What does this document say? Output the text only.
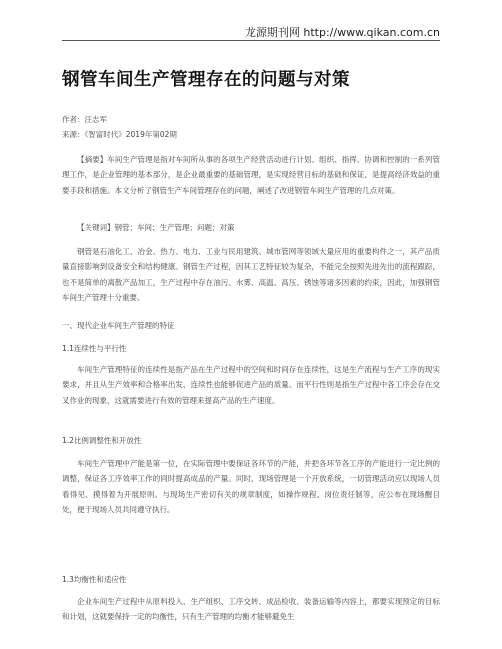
龙源期刊网 http://www.qikan.com.cn
钢管车间生产管理存在的问题与对策
作者：汪志军
来源：《智富时代》2019年第02期

【摘要】车间生产管理是指对车间所从事的各项生产经营活动进行计划、组织、指挥、协调和控制的一系列管理工作，是企业管理的基本部分，是企业最重要的基础管理，是实现经营目标的基础和保证，是提高经济效益的重要手段和措施。本文分析了钢管生产车间管理存在的问题，阐述了改进钢管车间生产管理的几点对策。

【关键词】钢管；车间；生产管理；问题；对策

钢管是石油化工、冶金、热力、电力、工业与民用建筑、城市管网等领域大量应用的重要构件之一，其产品质量直接影响到设备安全和结构健康。钢管生产过程，因其工艺特征较为复杂，不能完全按照先进先出的流程跟踪，也不是简单的离散产品加工，生产过程中存在油污、水雾、高温、高压、锈蚀等诸多因素的约束，因此，加强钢管车间生产管理十分重要。

一、现代企业车间生产管理的特征
1.1连续性与平行性

车间生产管理特征的连续性是指产品在生产过程中的空间和时间存在连续性，这是生产流程与生产工序的现实要求，并且从生产效率和合格率出发，连续性也能够促进产品的质量。而平行性则是指生产过程中各工序会存在交叉作业的现象，这就需要进行有效的管理来提高产品的生产速度。

1.2比例调整性和开放性

车间生产管理中产能是第一位，在实际管理中要保证各环节的产能，并把各环节各工序的产能进行一定比例的调整，保证各工序效率工作的同时提高成品的产量。同时，现场管理是一个开放系统，一切管理活动应以现场人员看得见、摸得着为开展原则。与现场生产密切有关的规章制度，如操作规程、岗位责任制等，应公布在现场醒目处，便于现场人员共同遵守执行。

1.3均衡性和适应性

企业车间生产过程中从原料投入、生产组织、工序交转、成品检收、装备运输等内容上，都要实现预定的目标和计划，这就要保持一定的均衡性，只有生产管理的均衡才能够避免生
